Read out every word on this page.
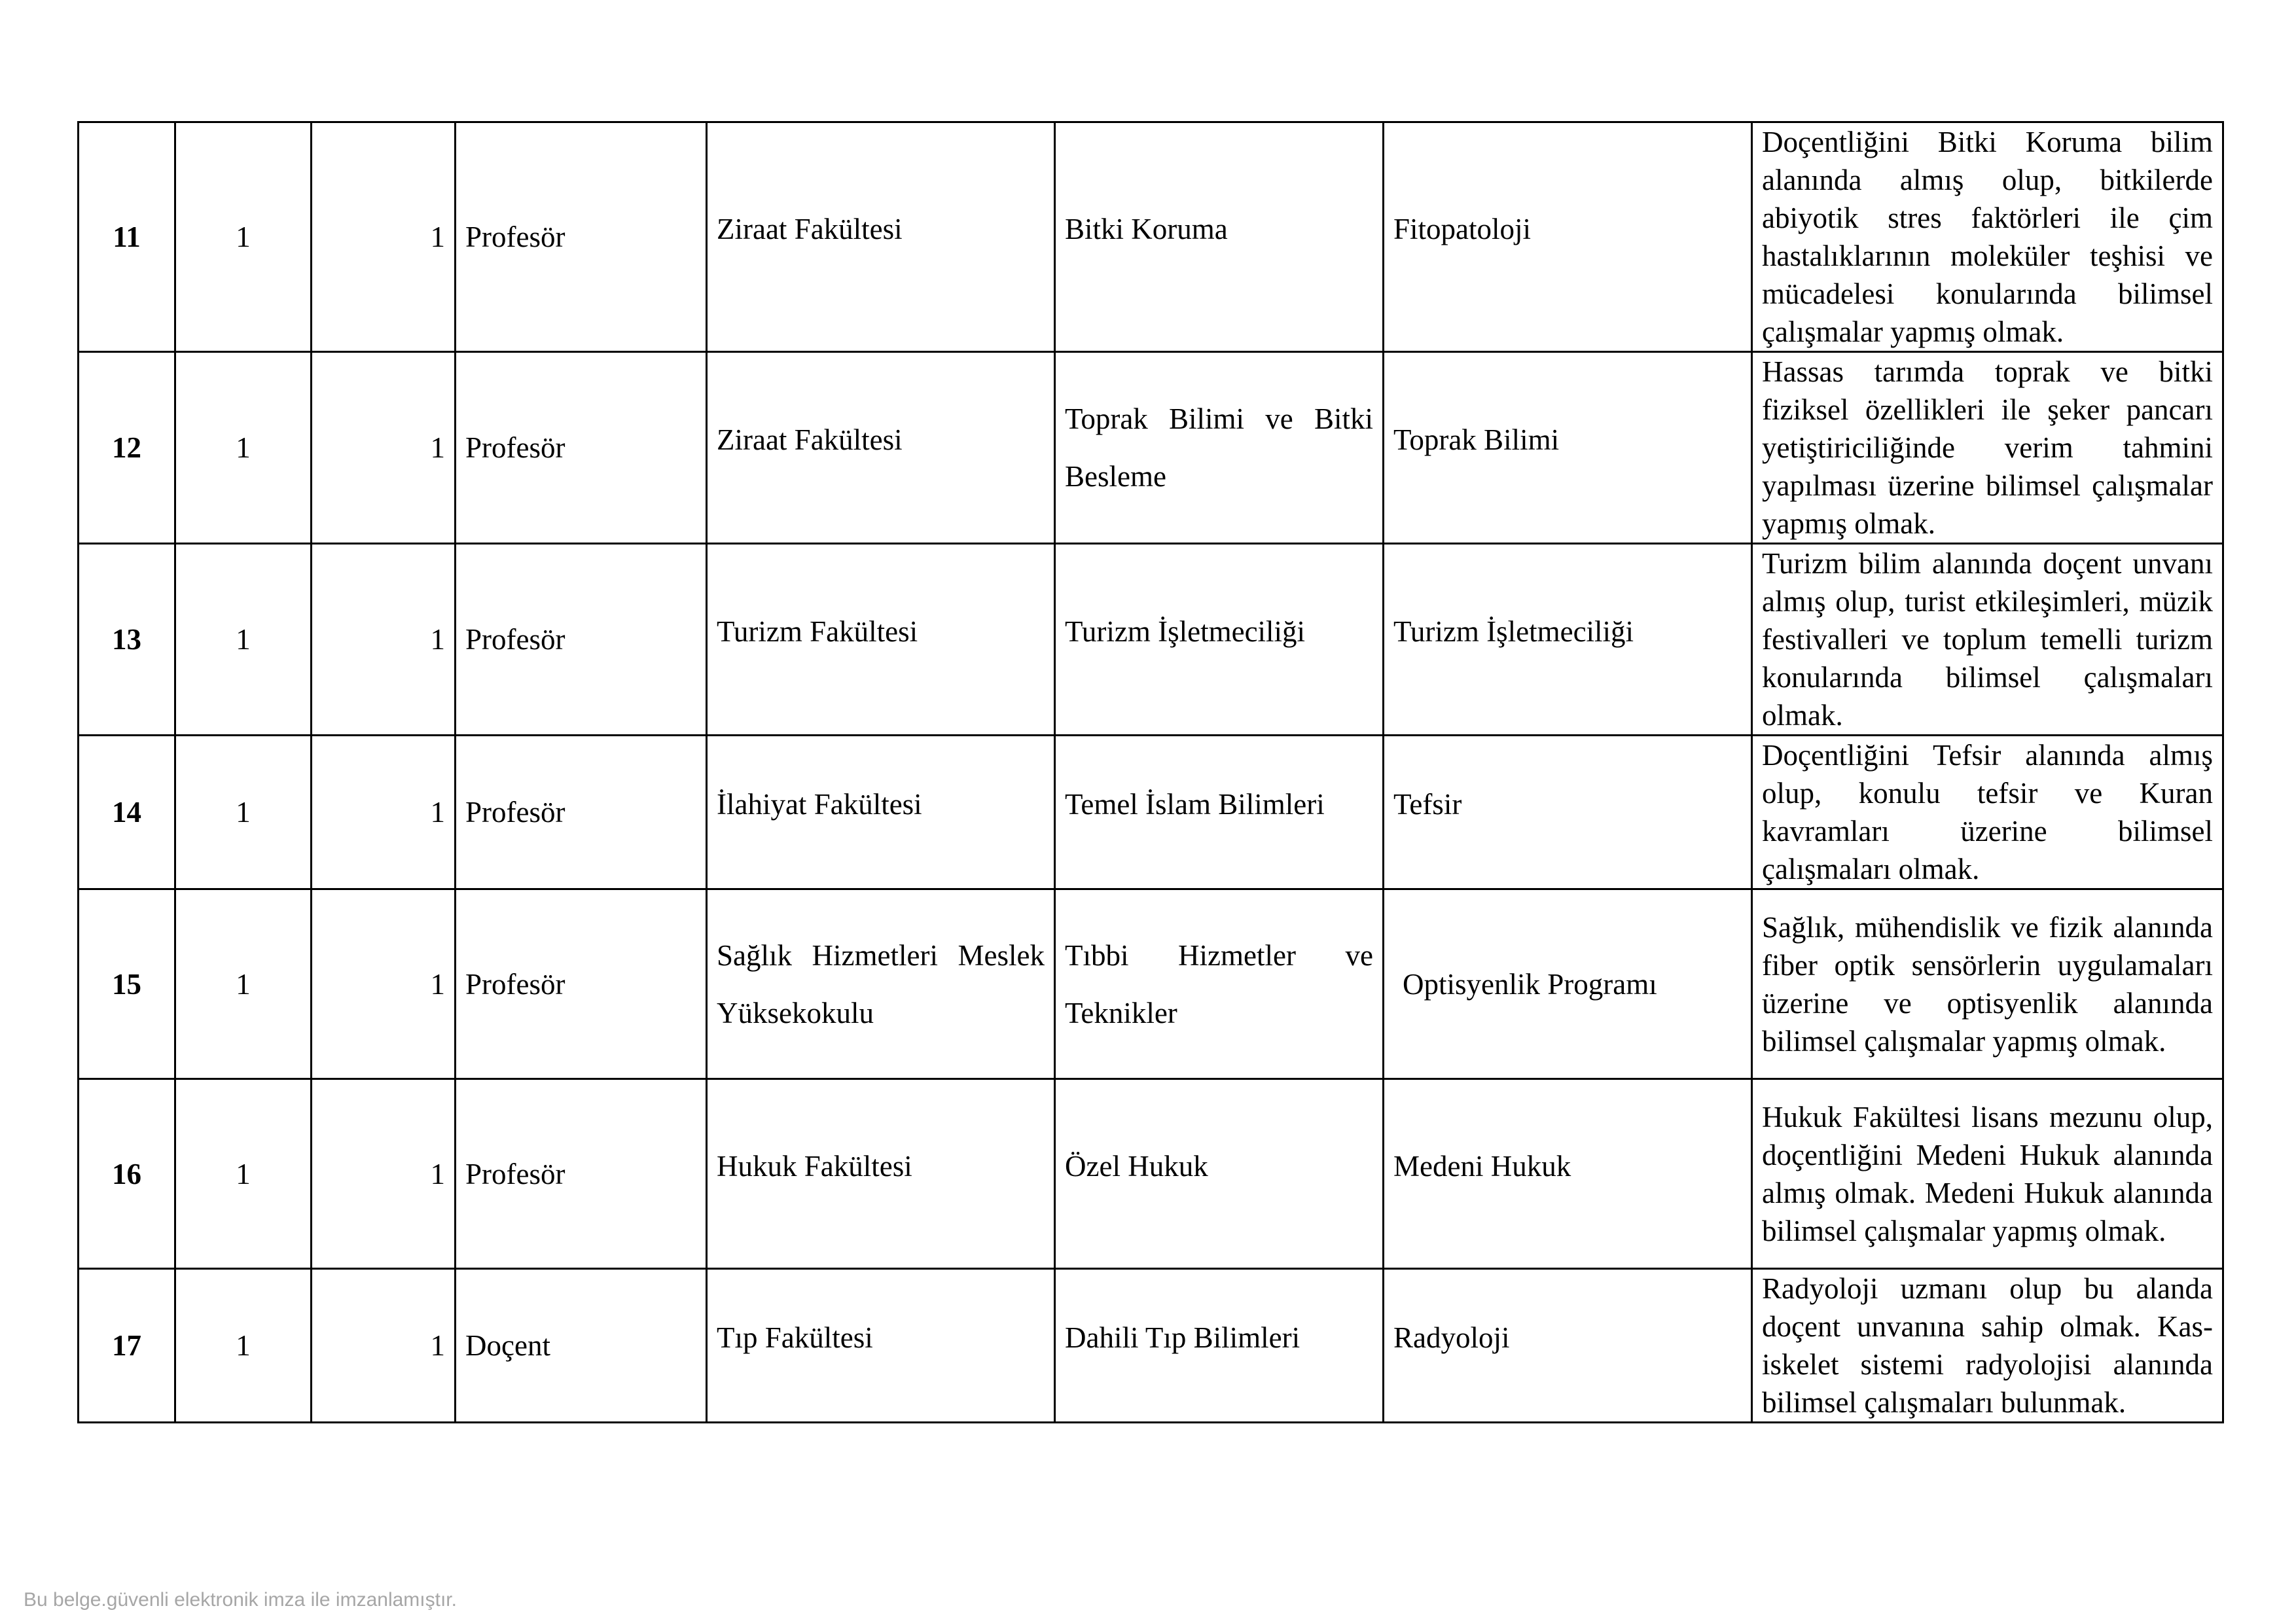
11	1	1	Profesör	Ziraat Fakültesi	Bitki Koruma	Fitopatoloji	Doçentliğini Bitki Koruma bilim alanında almış olup, bitkilerde abiyotik stres faktörleri ile çim hastalıklarının moleküler teşhisi ve mücadelesi konularında bilimsel çalışmalar yapmış olmak.
12	1	1	Profesör	Ziraat Fakültesi	Toprak Bilimi ve Bitki Besleme	Toprak Bilimi	Hassas tarımda toprak ve bitki fiziksel özellikleri ile şeker pancarı yetiştiriciliğinde verim tahmini yapılması üzerine bilimsel çalışmalar yapmış olmak.
13	1	1	Profesör	Turizm Fakültesi	Turizm İşletmeciliği	Turizm İşletmeciliği	Turizm bilim alanında doçent unvanı almış olup, turist etkileşimleri, müzik festivalleri ve toplum temelli turizm konularında bilimsel çalışmaları olmak.
14	1	1	Profesör	İlahiyat Fakültesi	Temel İslam Bilimleri	Tefsir	Doçentliğini Tefsir alanında almış olup, konulu tefsir ve Kuran kavramları üzerine bilimsel çalışmaları olmak.
15	1	1	Profesör	Sağlık Hizmetleri Meslek Yüksekokulu	Tıbbi Hizmetler ve Teknikler	Optisyenlik Programı	Sağlık, mühendislik ve fizik alanında fiber optik sensörlerin uygulamaları üzerine ve optisyenlik alanında bilimsel çalışmalar yapmış olmak.
16	1	1	Profesör	Hukuk Fakültesi	Özel Hukuk	Medeni Hukuk	Hukuk Fakültesi lisans mezunu olup, doçentliğini Medeni Hukuk alanında almış olmak. Medeni Hukuk alanında bilimsel çalışmalar yapmış olmak.
17	1	1	Doçent	Tıp Fakültesi	Dahili Tıp Bilimleri	Radyoloji	Radyoloji uzmanı olup bu alanda doçent unvanına sahip olmak. Kas-iskelet sistemi radyolojisi alanında bilimsel çalışmaları bulunmak.
Bu belge.güvenli elektronik imza ile imzanlamıştır.
